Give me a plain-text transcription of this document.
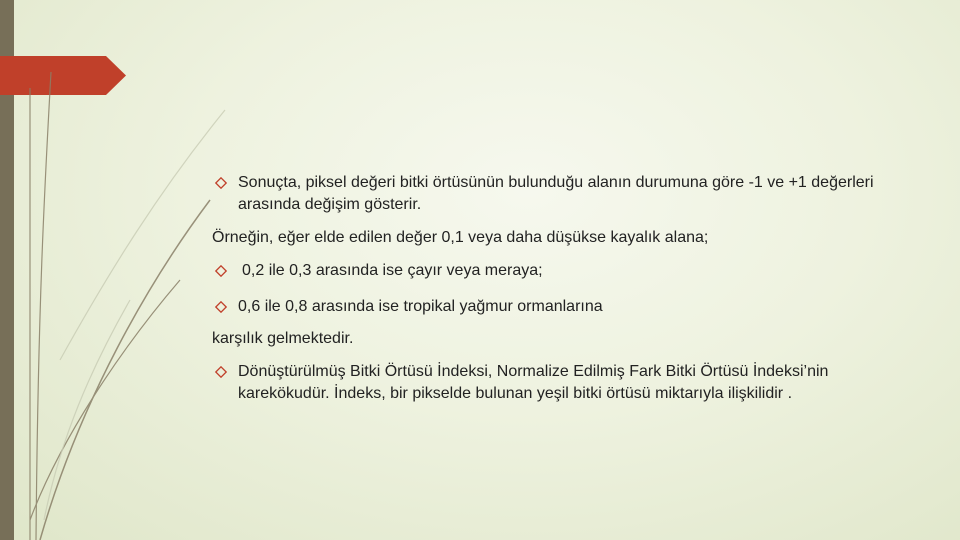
Sonuçta, piksel değeri bitki örtüsünün bulunduğu alanın durumuna göre -1 ve +1 değerleri arasında değişim gösterir.

Örneğin, eğer elde edilen değer 0,1 veya daha düşükse kayalık alana;

0,2 ile 0,3 arasında ise çayır veya meraya;

0,6 ile 0,8 arasında ise tropikal yağmur ormanlarına

karşılık gelmektedir.

Dönüştürülmüş Bitki Örtüsü İndeksi, Normalize Edilmiş Fark Bitki Örtüsü İndeksi’nin karekökudür. İndeks, bir pikselde bulunan yeşil bitki örtüsü miktarıyla ilişkilidir .
